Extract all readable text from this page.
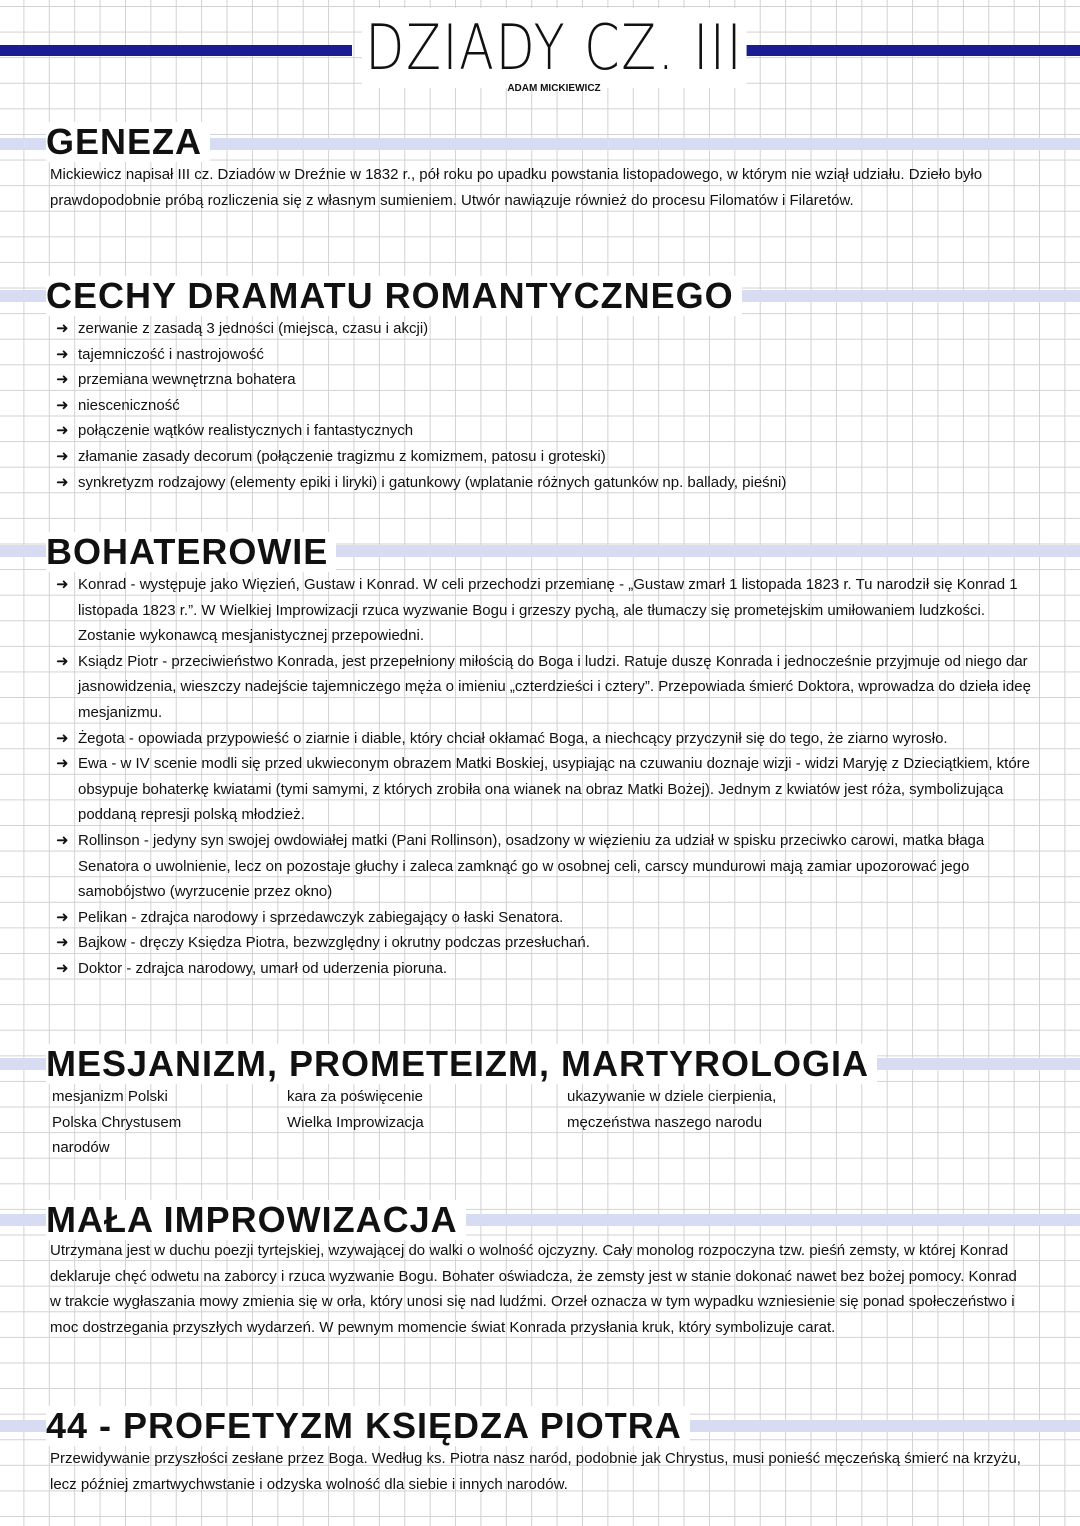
DZIADY CZ. III
ADAM MICKIEWICZ
GENEZA
Mickiewicz napisał III cz. Dziadów w Dreźnie w 1832 r., pół roku po upadku powstania listopadowego, w którym nie wziął udziału. Dzieło było prawdopodobnie próbą rozliczenia się z własnym sumieniem. Utwór nawiązuje również do procesu Filomatów i Filaretów.
CECHY DRAMATU ROMANTYCZNEGO
➜ zerwanie z zasadą 3 jedności (miejsca, czasu i akcji)
➜ tajemniczość i nastrojowość
➜ przemiana wewnętrzna bohatera
➜ niesceniczność
➜ połączenie wątków realistycznych i fantastycznych
➜ złamanie zasady decorum (połączenie tragizmu z komizmem, patosu i groteski)
➜ synkretyzm rodzajowy (elementy epiki i liryki) i gatunkowy (wplatanie różnych gatunków np. ballady, pieśni)
BOHATEROWIE
➜ Konrad - występuje jako Więzień, Gustaw i Konrad. W celi przechodzi przemianę - „Gustaw zmarł 1 listopada 1823 r. Tu narodził się Konrad 1 listopada 1823 r.”. W Wielkiej Improwizacji rzuca wyzwanie Bogu i grzeszy pychą, ale tłumaczy się prometejskim umiłowaniem ludzkości. Zostanie wykonawcą mesjanistycznej przepowiedni.
➜ Ksiądz Piotr - przeciwieństwo Konrada, jest przepełniony miłością do Boga i ludzi. Ratuje duszę Konrada i jednocześnie przyjmuje od niego dar jasnowidzenia, wieszczy nadejście tajemniczego męża o imieniu „czterdzieści i cztery”. Przepowiada śmierć Doktora, wprowadza do dzieła ideę mesjanizmu.
➜ Żegota - opowiada przypowieść o ziarnie i diable, który chciał okłamać Boga, a niechcący przyczynił się do tego, że ziarno wyrosło.
➜ Ewa - w IV scenie modli się przed ukwieconym obrazem Matki Boskiej, usypiając na czuwaniu doznaje wizji - widzi Maryję z Dzieciątkiem, które obsypuje bohaterkę kwiatami (tymi samymi, z których zrobiła ona wianek na obraz Matki Bożej). Jednym z kwiatów jest róża, symbolizująca poddaną represji polską młodzież.
➜ Rollinson - jedyny syn swojej owdowiałej matki (Pani Rollinson), osadzony w więzieniu za udział w spisku przeciwko carowi, matka błaga Senatora o uwolnienie, lecz on pozostaje głuchy i zaleca zamknąć go w osobnej celi, carscy mundurowi mają zamiar upozorować jego samobójstwo (wyrzucenie przez okno)
➜ Pelikan - zdrajca narodowy i sprzedawczyk zabiegający o łaski Senatora.
➜ Bajkow - dręczy Księdza Piotra, bezwzględny i okrutny podczas przesłuchań.
➜ Doktor - zdrajca narodowy, umarł od uderzenia pioruna.
MESJANIZM, PROMETEIZM, MARTYROLOGIA
mesjanizm Polski Polska Chrystusem narodów
kara za poświęcenie Wielka Improwizacja
ukazywanie w dziele cierpienia, męczeństwa naszego narodu
MAŁA IMPROWIZACJA
Utrzymana jest w duchu poezji tyrtejskiej, wzywającej do walki o wolność ojczyzny. Cały monolog rozpoczyna tzw. pieśń zemsty, w której Konrad deklaruje chęć odwetu na zaborcy i rzuca wyzwanie Bogu. Bohater oświadcza, że zemsty jest w stanie dokonać nawet bez bożej pomocy. Konrad w trakcie wygłaszania mowy zmienia się w orła, który unosi się nad ludźmi. Orzeł oznacza w tym wypadku wzniesienie się ponad społeczeństwo i moc dostrzegania przyszłych wydarzeń. W pewnym momencie świat Konrada przysłania kruk, który symbolizuje carat.
44 - PROFETYZM KSIĘDZA PIOTRA
Przewidywanie przyszłości zesłane przez Boga. Według ks. Piotra nasz naród, podobnie jak Chrystus, musi ponieść męczeńską śmierć na krzyżu, lecz później zmartwychwstanie i odzyska wolność dla siebie i innych narodów.
